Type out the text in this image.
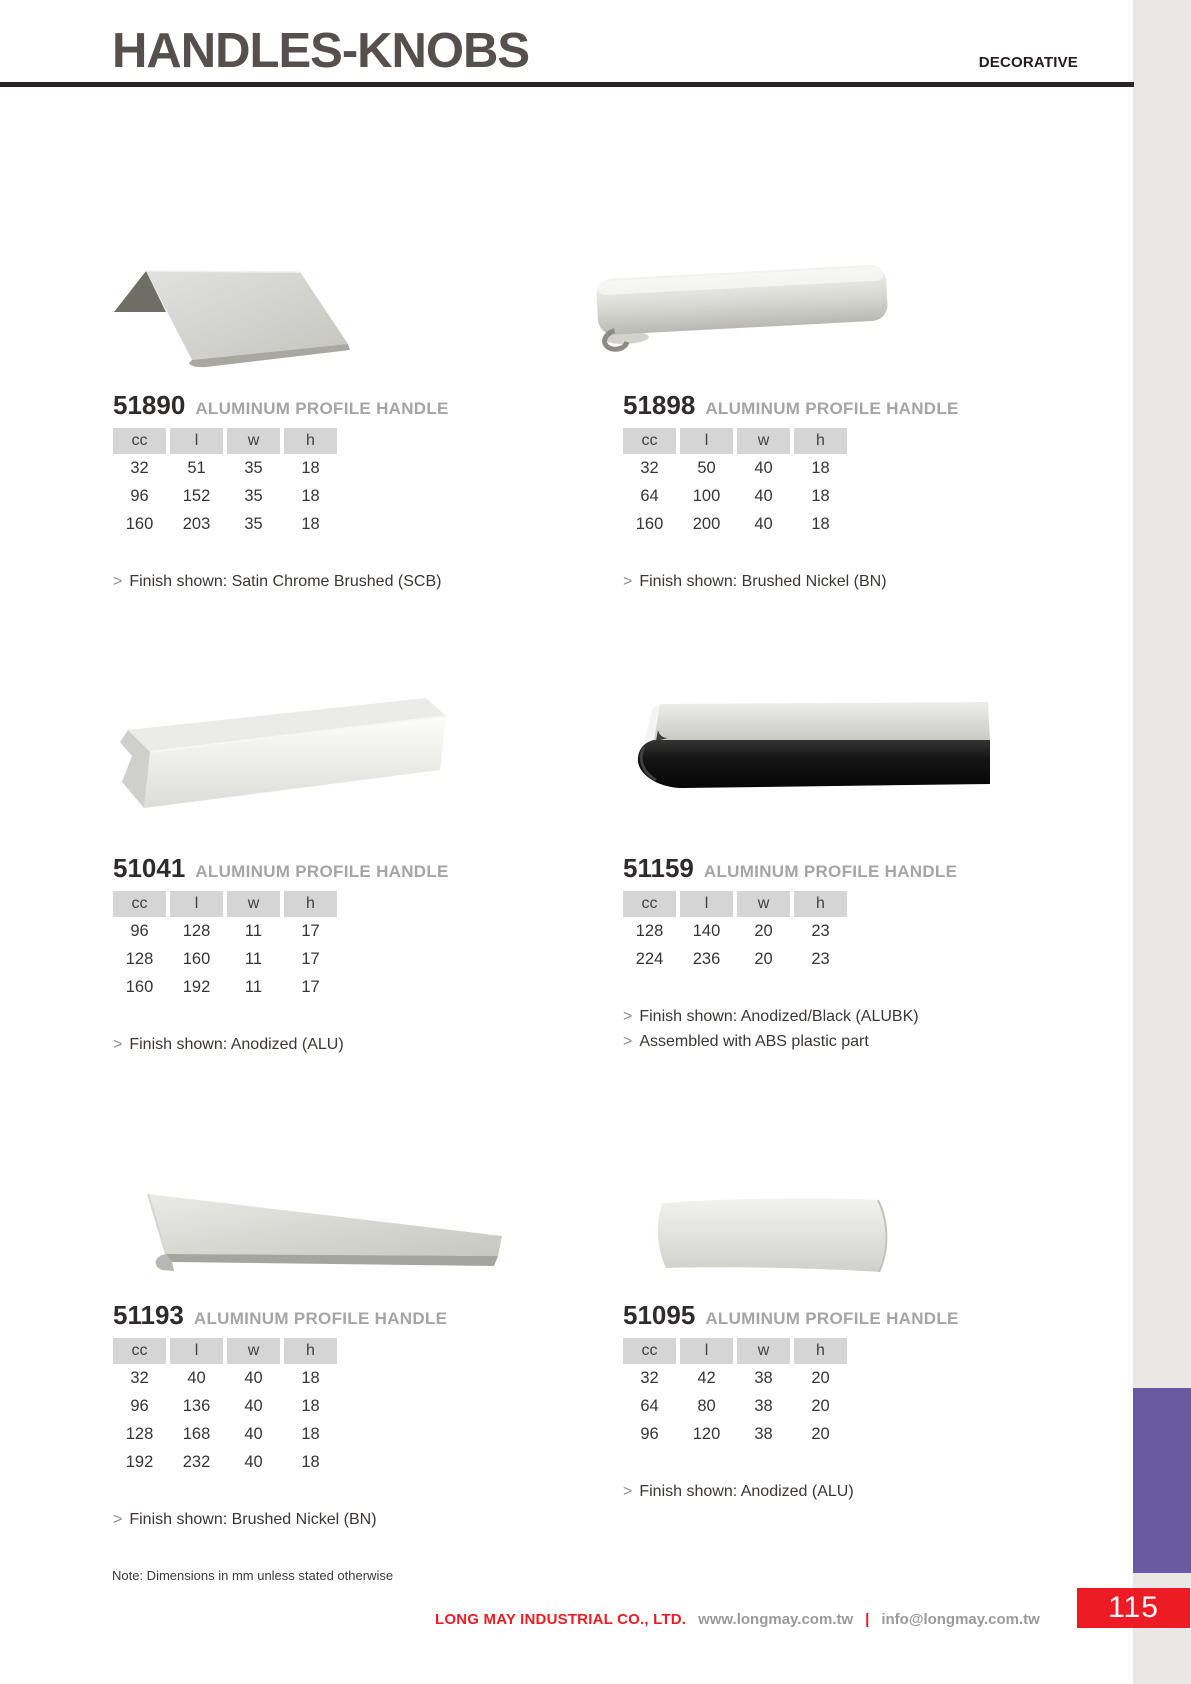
HANDLES-KNOBS	DECORATIVE
51890 ALUMINUM PROFILE HANDLE
cc	l	w	h
32	51	35	18
96	152	35	18
160	203	35	18

> Finish shown: Satin Chrome Brushed (SCB)

51898 ALUMINUM PROFILE HANDLE
cc	l	w	h
32	50	40	18
64	100	40	18
160	200	40	18

> Finish shown: Brushed Nickel (BN)

51041 ALUMINUM PROFILE HANDLE
cc	l	w	h
96	128	11	17
128	160	11	17
160	192	11	17

> Finish shown: Anodized (ALU)

51159 ALUMINUM PROFILE HANDLE
cc	l	w	h
128	140	20	23
224	236	20	23

> Finish shown: Anodized/Black (ALUBK)

> Assembled with ABS plastic part

51193 ALUMINUM PROFILE HANDLE
cc	l	w	h
32	40	40	18
96	136	40	18
128	168	40	18
192	232	40	18

> Finish shown: Brushed Nickel (BN)

51095 ALUMINUM PROFILE HANDLE
cc	l	w	h
32	42	38	20
64	80	38	20
96	120	38	20

> Finish shown: Anodized (ALU)

Note: Dimensions in mm unless stated otherwise
LONG MAY INDUSTRIAL CO., LTD. www.longmay.com.tw | info@longmay.com.tw 115
